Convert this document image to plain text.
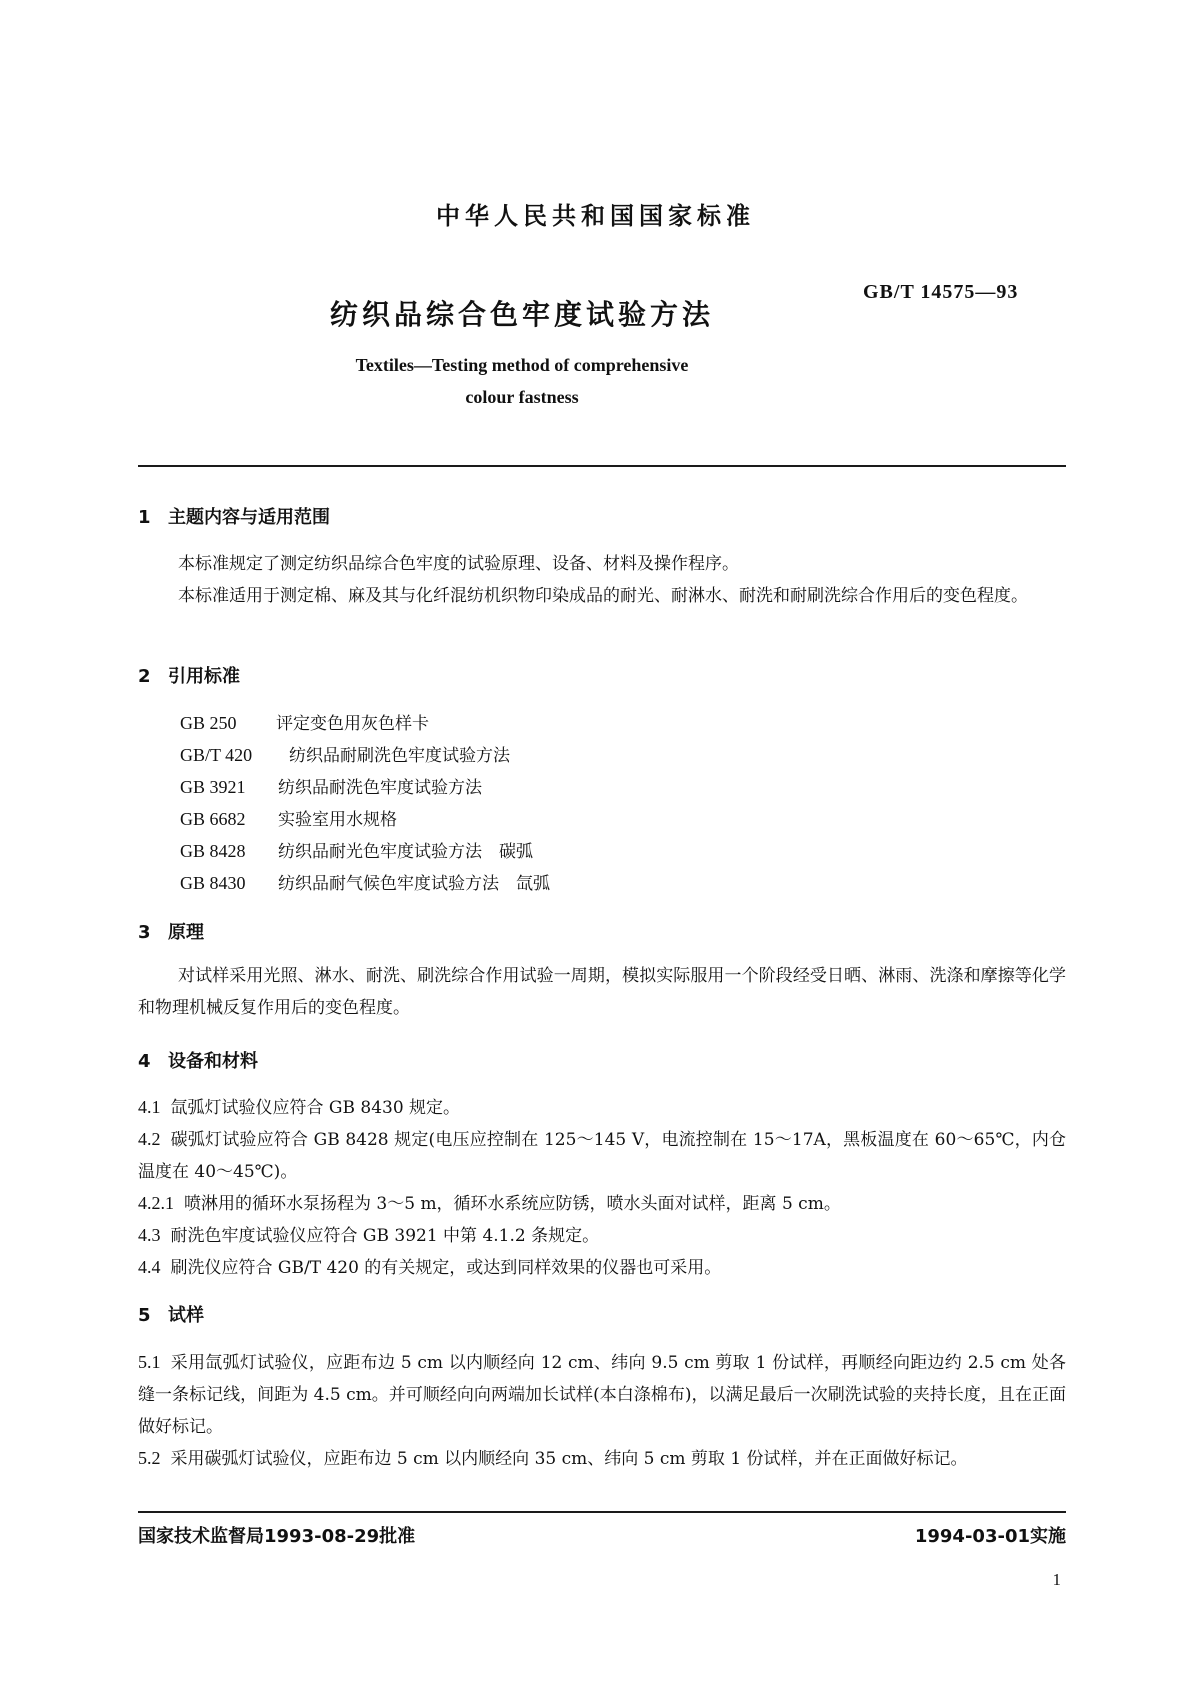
中华人民共和国国家标准
GB/T 14575—93
纺织品综合色牢度试验方法
Textiles—Testing method of comprehensive
colour fastness
1 主题内容与适用范围
本标准规定了测定纺织品综合色牢度的试验原理、设备、材料及操作程序。
本标准适用于测定棉、麻及其与化纤混纺机织物印染成品的耐光、耐淋水、耐洗和耐刷洗综合作用后的变色程度。
2 引用标准
GB 250 评定变色用灰色样卡
GB/T 420 纺织品耐刷洗色牢度试验方法
GB 3921 纺织品耐洗色牢度试验方法
GB 6682 实验室用水规格
GB 8428 纺织品耐光色牢度试验方法　碳弧
GB 8430 纺织品耐气候色牢度试验方法　氙弧
3 原理
对试样采用光照、淋水、耐洗、刷洗综合作用试验一周期，模拟实际服用一个阶段经受日晒、淋雨、洗涤和摩擦等化学和物理机械反复作用后的变色程度。
4 设备和材料
4.1 氙弧灯试验仪应符合 GB 8430 规定。
4.2 碳弧灯试验应符合 GB 8428 规定(电压应控制在 125～145 V，电流控制在 15～17A，黑板温度在 60～65℃，内仓温度在 40～45℃)。
4.2.1 喷淋用的循环水泵扬程为 3～5 m，循环水系统应防锈，喷水头面对试样，距离 5 cm。
4.3 耐洗色牢度试验仪应符合 GB 3921 中第 4.1.2 条规定。
4.4 刷洗仪应符合 GB/T 420 的有关规定，或达到同样效果的仪器也可采用。
5 试样
5.1 采用氙弧灯试验仪，应距布边 5 cm 以内顺经向 12 cm、纬向 9.5 cm 剪取 1 份试样，再顺经向距边约 2.5 cm 处各缝一条标记线，间距为 4.5 cm。并可顺经向向两端加长试样(本白涤棉布)，以满足最后一次刷洗试验的夹持长度，且在正面做好标记。
5.2 采用碳弧灯试验仪，应距布边 5 cm 以内顺经向 35 cm、纬向 5 cm 剪取 1 份试样，并在正面做好标记。
国家技术监督局1993-08-29批准	1994-03-01实施
1
